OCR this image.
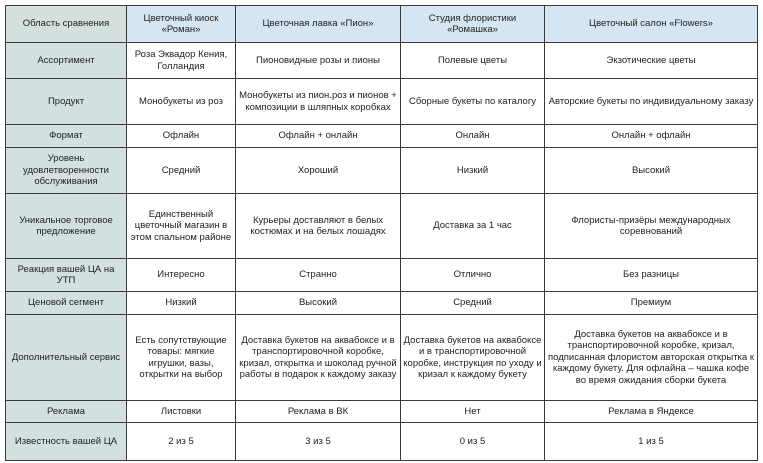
Область сравнения	Цветочный киоск «Роман»	Цветочная лавка «Пион»	Студия флористики «Ромашка»	Цветочный салон «Flowers»
Ассортимент	Роза Эквадор Кения, Голландия	Пионовидные розы и пионы	Полевые цветы	Экзотические цветы
Продукт	Монобукеты из роз	Монобукеты из пион.роз и пионов + композиции в шляпных коробках	Сборные букеты по каталогу	Авторские букеты по индивидуальному заказу
Формат	Офлайн	Офлайн + онлайн	Онлайн	Онлайн + офлайн
Уровень удовлетворенности обслуживания	Средний	Хороший	Низкий	Высокий
Уникальное торговое предложение	Единственный цветочный магазин в этом спальном районе	Курьеры доставляют в белых костюмах и на белых лошадях	Доставка за 1 час	Флористы-призёры международных соревнований
Реакция вашей ЦА на УТП	Интересно	Странно	Отлично	Без разницы
Ценовой сегмент	Низкий	Высокий	Средний	Премиум
Дополнительный сервис	Есть сопутствующие товары: мягкие игрушки, вазы, открытки на выбор	Доставка букетов на аквабоксе и в транспортировочной коробке, кризал, открытка и шоколад ручной работы в подарок к каждому заказу	Доставка букетов на аквабоксе и в транспортировочной коробке, инструкция по уходу и кризал к каждому букету	Доставка букетов на аквабоксе и в транспортировочной коробке, кризал, подписанная флористом авторская открытка к каждому букету. Для офлайна – чашка кофе во время ожидания сборки букета
Реклама	Листовки	Реклама в ВК	Нет	Реклама в Яндексе
Известность вашей ЦА	2 из 5	3 из 5	0 из 5	1 из 5
